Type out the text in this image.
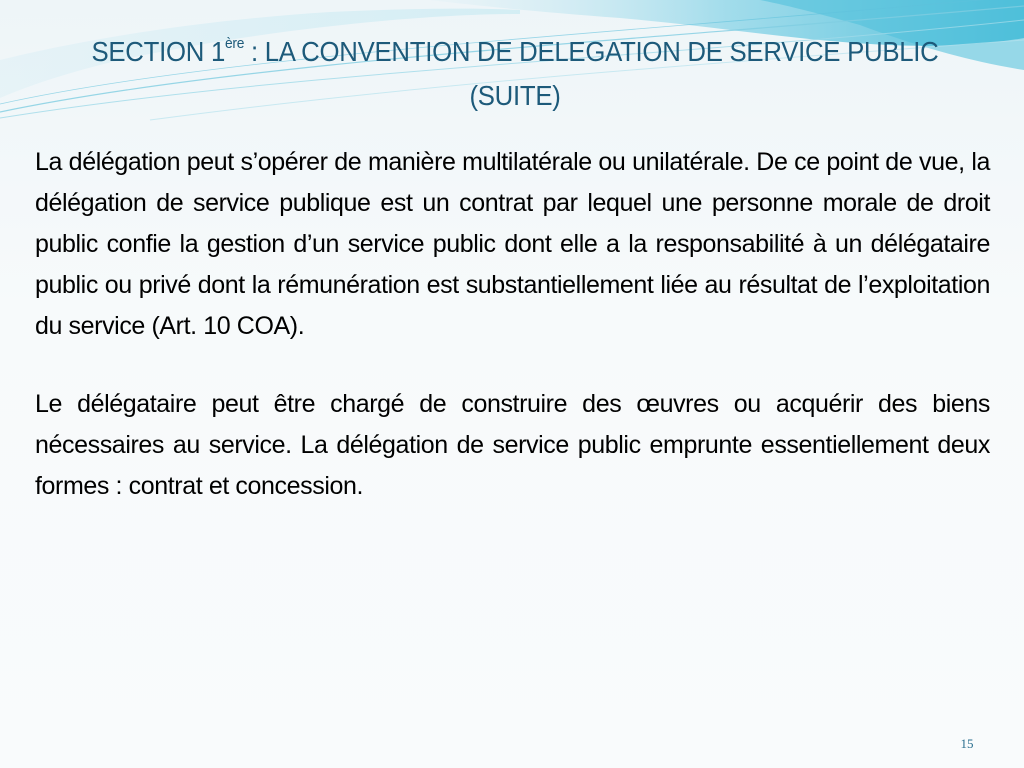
SECTION 1ère : LA CONVENTION DE DELEGATION DE SERVICE PUBLIC
(SUITE)

La délégation peut s’opérer de manière multilatérale ou unilatérale. De ce point de vue, la délégation de service publique est un contrat par lequel une personne morale de droit public confie la gestion d’un service public dont elle a la responsabilité à un délégataire public ou privé dont la rémunération est substantiellement liée au résultat de l’exploitation du service (Art. 10 COA).

Le délégataire peut être chargé de construire des œuvres ou acquérir des biens nécessaires au service. La délégation de service public emprunte essentiellement deux formes : contrat et concession.

15
